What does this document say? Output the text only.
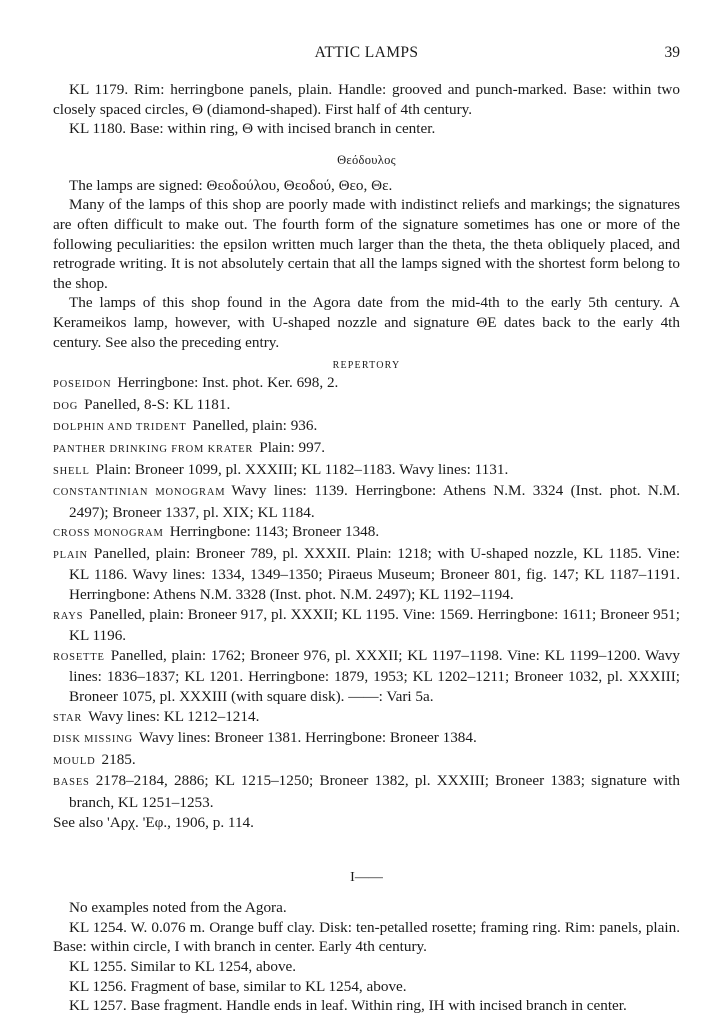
ATTIC LAMPS	39

KL 1179. Rim: herringbone panels, plain. Handle: grooved and punch-marked. Base: within two closely spaced circles, Θ (diamond-shaped). First half of 4th century.

KL 1180. Base: within ring, Θ with incised branch in center.

Θεόδουλος

The lamps are signed: Θεοδούλου, Θεοδού, Θεο, Θε.

Many of the lamps of this shop are poorly made with indistinct reliefs and markings; the signatures are often difficult to make out. The fourth form of the signature sometimes has one or more of the following peculiarities: the epsilon written much larger than the theta, the theta obliquely placed, and retrograde writing. It is not absolutely certain that all the lamps signed with the shortest form belong to the shop.

The lamps of this shop found in the Agora date from the mid-4th to the early 5th century. A Kerameikos lamp, however, with U-shaped nozzle and signature ΘΕ dates back to the early 4th century. See also the preceding entry.

REPERTORY
POSEIDON Herringbone: Inst. phot. Ker. 698, 2.
DOG Panelled, 8-S: KL 1181.
DOLPHIN AND TRIDENT Panelled, plain: 936.
PANTHER DRINKING FROM KRATER Plain: 997.
SHELL Plain: Broneer 1099, pl. XXXIII; KL 1182–1183. Wavy lines: 1131.
CONSTANTINIAN MONOGRAM Wavy lines: 1139. Herringbone: Athens N.M. 3324 (Inst. phot. N.M. 2497); Broneer 1337, pl. XIX; KL 1184.
CROSS MONOGRAM Herringbone: 1143; Broneer 1348.
PLAIN Panelled, plain: Broneer 789, pl. XXXII. Plain: 1218; with U-shaped nozzle, KL 1185. Vine: KL 1186. Wavy lines: 1334, 1349–1350; Piraeus Museum; Broneer 801, fig. 147; KL 1187–1191. Herringbone: Athens N.M. 3328 (Inst. phot. N.M. 2497); KL 1192–1194.
RAYS Panelled, plain: Broneer 917, pl. XXXII; KL 1195. Vine: 1569. Herringbone: 1611; Broneer 951; KL 1196.
ROSETTE Panelled, plain: 1762; Broneer 976, pl. XXXII; KL 1197–1198. Vine: KL 1199–1200. Wavy lines: 1836–1837; KL 1201. Herringbone: 1879, 1953; KL 1202–1211; Broneer 1032, pl. XXXIII; Broneer 1075, pl. XXXIII (with square disk). ——: Vari 5a.
STAR Wavy lines: KL 1212–1214.
DISK MISSING Wavy lines: Broneer 1381. Herringbone: Broneer 1384.
MOULD 2185.
BASES 2178–2184, 2886; KL 1215–1250; Broneer 1382, pl. XXXIII; Broneer 1383; signature with branch, KL 1251–1253.
See also 'Αρχ. 'Εφ., 1906, p. 114.
I——

No examples noted from the Agora.

KL 1254. W. 0.076 m. Orange buff clay. Disk: ten-petalled rosette; framing ring. Rim: panels, plain. Base: within circle, I with branch in center. Early 4th century.

KL 1255. Similar to KL 1254, above.

KL 1256. Fragment of base, similar to KL 1254, above.

KL 1257. Base fragment. Handle ends in leaf. Within ring, IH with incised branch in center.
